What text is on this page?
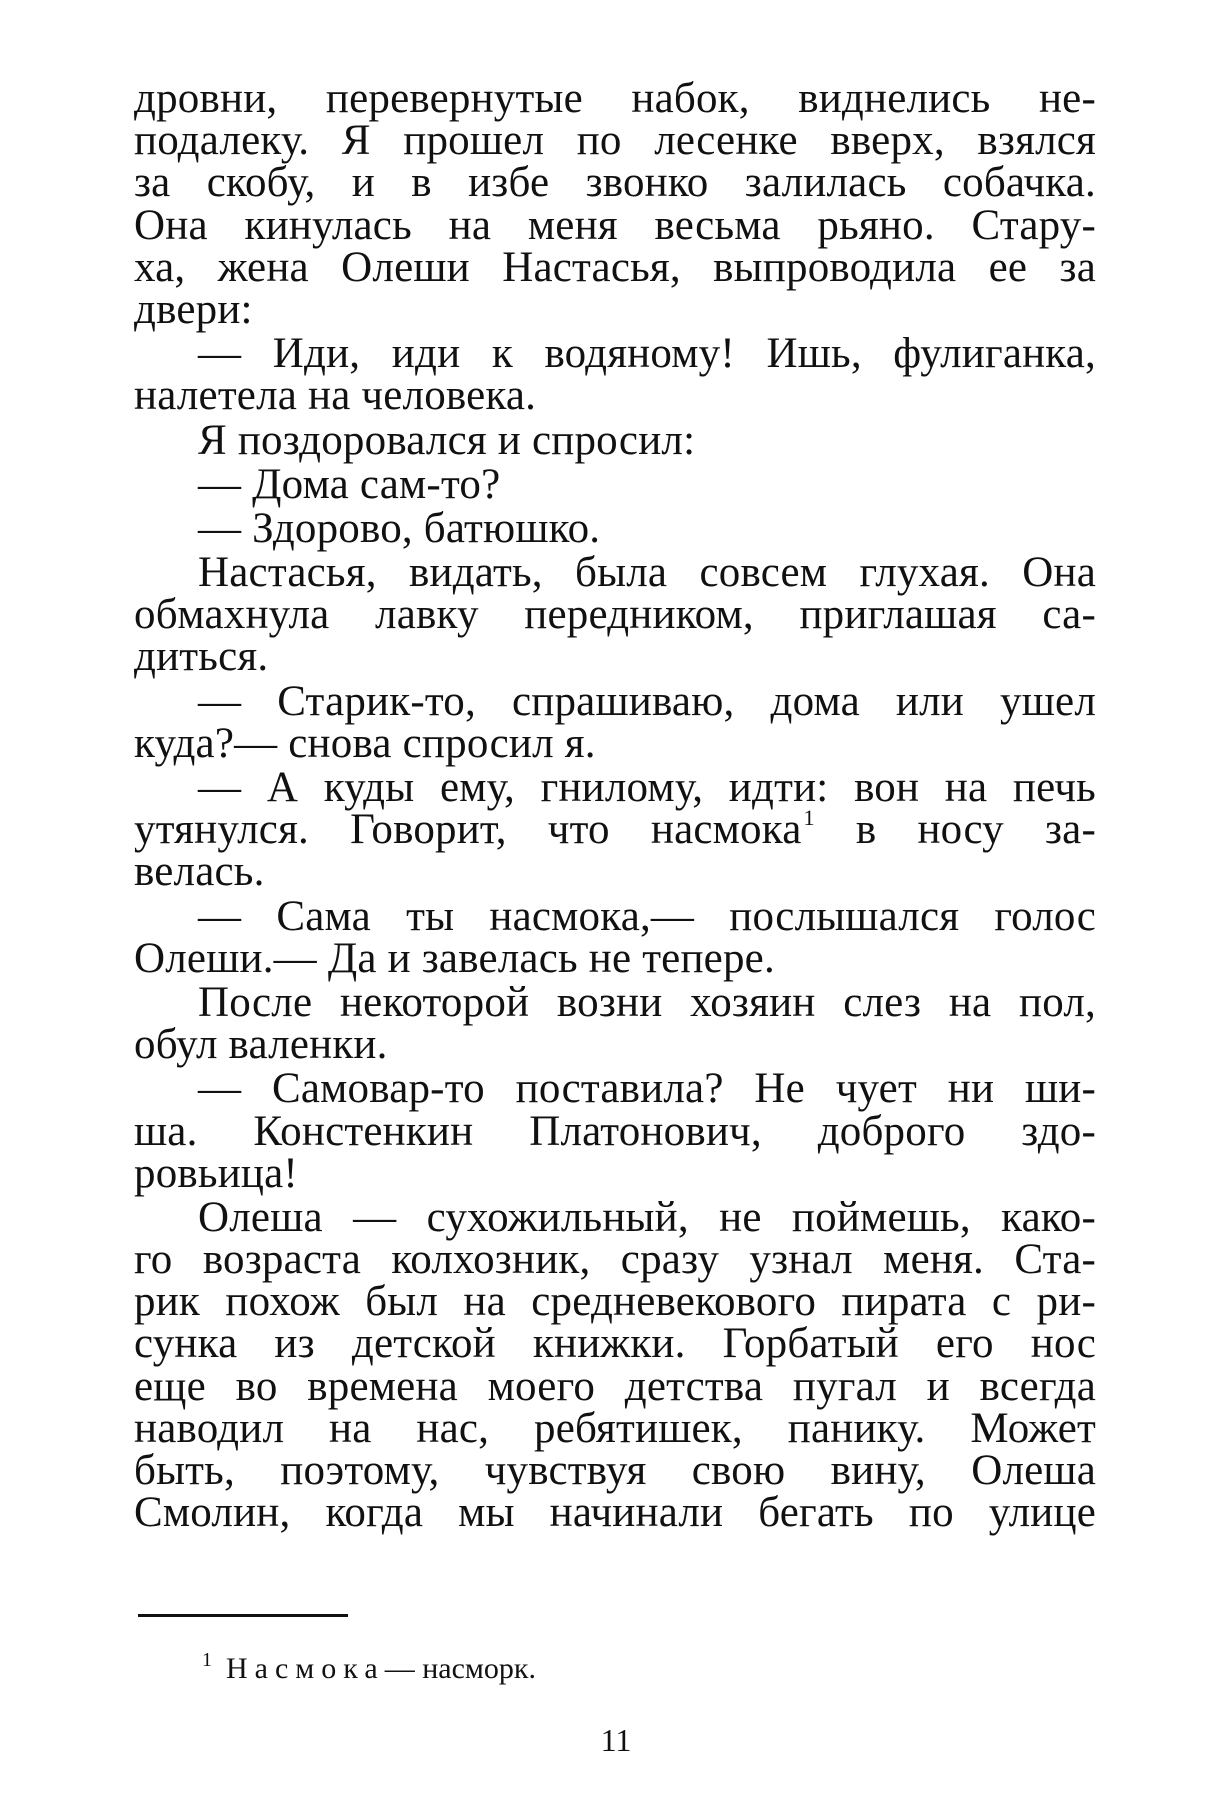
дровни, перевернутые набок, виднелись не-
подалеку. Я прошел по лесенке вверх, взялся
за скобу, и в избе звонко залилась собачка.
Она кинулась на меня весьма рьяно. Стару-
ха, жена Олеши Настасья, выпроводила ее за
двери:
— Иди, иди к водяному! Ишь, фулиганка,
налетела на человека.
Я поздоровался и спросил:
— Дома сам-то?
— Здорово, батюшко.
Настасья, видать, была совсем глухая. Она
обмахнула лавку передником, приглашая са-
диться.
— Старик-то, спрашиваю, дома или ушел
куда?— снова спросил я.
— А куды ему, гнилому, идти: вон на печь
утянулся. Говорит, что насмока$^1$ в носу за-
велась.
— Сама ты насмока,— послышался голос
Олеши.— Да и завелась не тепере.
После некоторой возни хозяин слез на пол,
обул валенки.
— Самовар-то поставила? Не чует ни ши-
ша. Констенкин Платонович, доброго здо-
ровьица!
Олеша — сухожильный, не поймешь, како-
го возраста колхозник, сразу узнал меня. Ста-
рик похож был на средневекового пирата с ри-
сунка из детской книжки. Горбатый его нос
еще во времена моего детства пугал и всегда
наводил на нас, ребятишек, панику. Может
быть, поэтому, чувствуя свою вину, Олеша
Смолин, когда мы начинали бегать по улице
$^1$ Насмока— насморк.
11
